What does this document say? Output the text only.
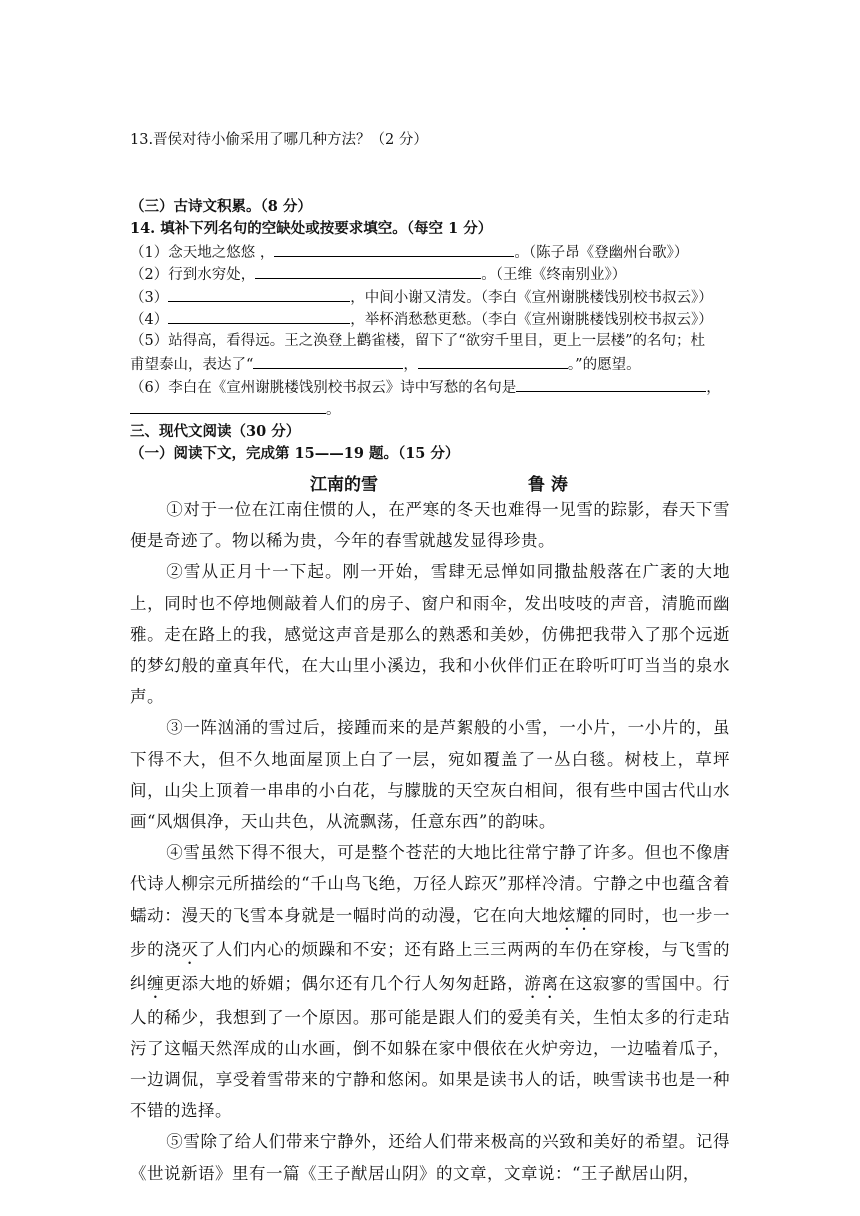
13.晋侯对待小偷采用了哪几种方法？（2 分）
（三）古诗文积累。（8 分）
14. 填补下列名句的空缺处或按要求填空。（每空 1 分）
（1）念天地之悠悠 ，	。（陈子昂《登幽州台歌》）
（2）行到水穷处，	。（王维《终南别业》）
（3）	，中间小谢又清发。（李白《宣州谢朓楼饯别校书叔云》）
（4）	，举杯消愁愁更愁。（李白《宣州谢朓楼饯别校书叔云》）
（5）站得高，看得远。王之涣登上鹳雀楼，留下了“欲穷千里目，更上一层楼”的名句；杜
甫望泰山，表达了“	，	。”的愿望。
（6）李白在《宣州谢朓楼饯别校书叔云》诗中写愁的名句是	，
。
三、现代文阅读（30 分）
（一）阅读下文，完成第 15——19 题。（15 分）
江南的雪	鲁 涛

①对于一位在江南住惯的人，在严寒的冬天也难得一见雪的踪影，春天下雪便是奇迹了。物以稀为贵，今年的春雪就越发显得珍贵。

②雪从正月十一下起。刚一开始，雪肆无忌惮如同撒盐般落在广袤的大地上，同时也不停地侧敲着人们的房子、窗户和雨伞，发出吱吱的声音，清脆而幽雅。走在路上的我，感觉这声音是那么的熟悉和美妙，仿佛把我带入了那个远逝的梦幻般的童真年代，在大山里小溪边，我和小伙伴们正在聆听叮叮当当的泉水声。

③一阵汹涌的雪过后，接踵而来的是芦絮般的小雪，一小片，一小片的，虽下得不大，但不久地面屋顶上白了一层，宛如覆盖了一丛白毯。树枝上，草坪间，山尖上顶着一串串的小白花，与朦胧的天空灰白相间，很有些中国古代山水画“风烟俱净，天山共色，从流飘荡，任意东西”的韵味。

④雪虽然下得不很大，可是整个苍茫的大地比往常宁静了许多。但也不像唐代诗人柳宗元所描绘的“千山鸟飞绝，万径人踪灭”那样冷清。宁静之中也蕴含着蠕动：漫天的飞雪本身就是一幅时尚的动漫，它在向大地炫耀的同时，也一步一步的浇灭了人们内心的烦躁和不安；还有路上三三两两的车仍在穿梭，与飞雪的纠缠更添大地的娇媚；偶尔还有几个行人匆匆赶路，游离在这寂寥的雪国中。行人的稀少，我想到了一个原因。那可能是跟人们的爱美有关，生怕太多的行走玷污了这幅天然浑成的山水画，倒不如躲在家中偎依在火炉旁边，一边嗑着瓜子，一边调侃，享受着雪带来的宁静和悠闲。如果是读书人的话，映雪读书也是一种不错的选择。

⑤雪除了给人们带来宁静外，还给人们带来极高的兴致和美好的希望。记得《世说新语》里有一篇《王子猷居山阴》的文章，文章说：“王子猷居山阴，
